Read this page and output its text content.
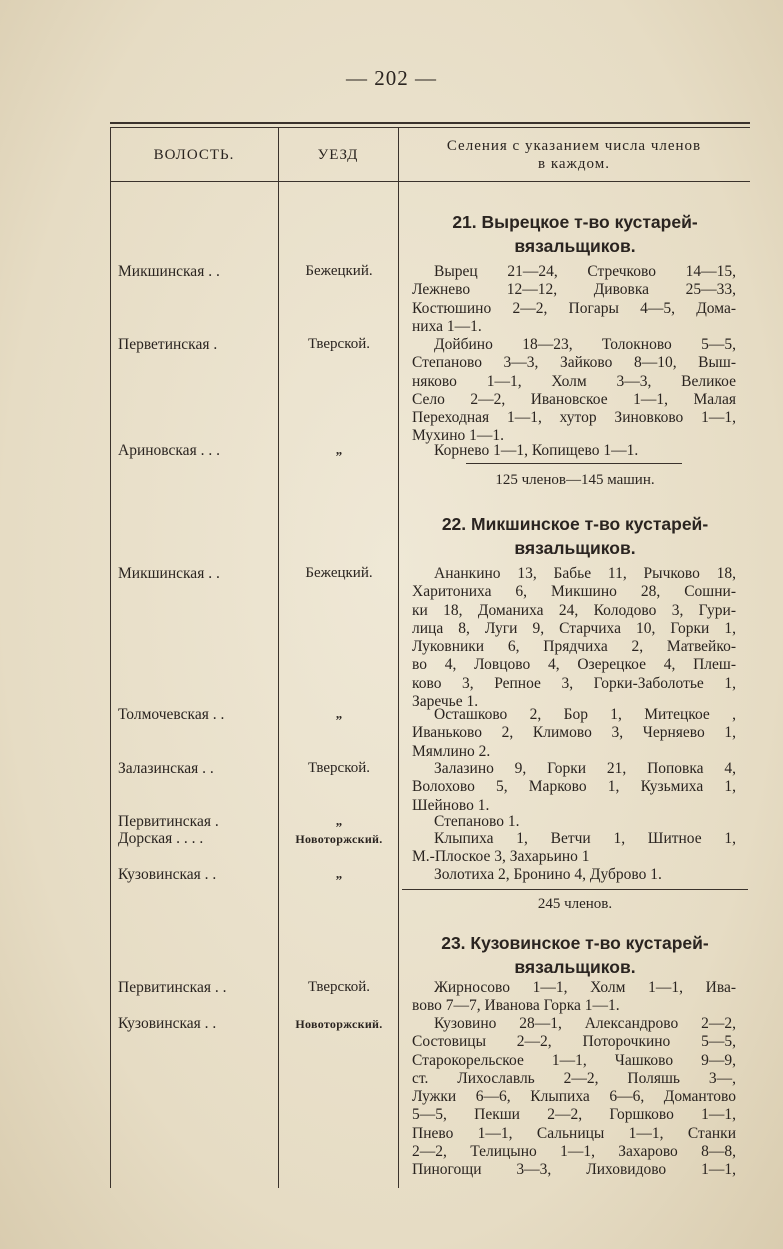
— 202 —
ВОЛОСТЬ.	УЕЗД
Селения с указанием числа членов
в каждом.
21. Вырецкое т-во кустарей-
вязальщиков.
Микшинская . .	Бежецкий.	Вырец 21—24, Стречково 14—15,
Лежнево 12—12, Дивовка 25—33,
Костюшино 2—2, Погары 4—5, Дома-
ниха 1—1.
Перветинская .	Тверской.	Дойбино 18—23, Толокново 5—5,
Степаново 3—3, Зайково 8—10, Выш-
няково 1—1, Холм 3—3, Великое
Село 2—2, Ивановское 1—1, Малая
Переходная 1—1, хутор Зиновково 1—1,
Мухино 1—1.
Ариновская . . .	„	Корнево 1—1, Копищево 1—1.
125 членов—145 машин.
22. Микшинское т-во кустарей-
вязальщиков.
Микшинская . .	Бежецкий.	Ананкино 13, Бабье 11, Рычково 18,
Харитониха 6, Микшино 28, Сошни-
ки 18, Доманиха 24, Колодово 3, Гури-
лица 8, Луги 9, Старчиха 10, Горки 1,
Луковники 6, Прядчиха 2, Матвейко-
во 4, Ловцово 4, Озерецкое 4, Плеш-
ково 3, Репное 3, Горки-Заболотье 1,
Заречье 1.
Толмочевская . .	„	Осташково 2, Бор 1, Митецкое ,
Иваньково 2, Климово 3, Черняево 1,
Мямлино 2.
Залазинская . .	Тверской.	Залазино 9, Горки 21, Поповка 4,
Волохово 5, Марково 1, Кузьмиха 1,
Шейново 1.
Первитинская .	„	Степаново 1.
Дорская . . . .	Новоторжский.	Клыпиха 1, Ветчи 1, Шитное 1,
М.-Плоское 3, Захарьино 1
Кузовинская . .	„	Золотиха 2, Бронино 4, Дуброво 1.
245 членов.
23. Кузовинское т-во кустарей-
вязальщиков.
Первитинская . .	Тверской.	Жирносово 1—1, Холм 1—1, Ива-
вово 7—7, Иванова Горка 1—1.
Кузовинская . .	Новоторжский.	Кузовино 28—1, Александрово 2—2,
Состовицы 2—2, Поторочкино 5—5,
Старокорельское 1—1, Чашково 9—9,
ст. Лихославль 2—2, Поляшь 3—,
Лужки 6—6, Клыпиха 6—6, Домантово
5—5, Пекши 2—2, Горшково 1—1,
Пнево 1—1, Сальницы 1—1, Станки
2—2, Телицыно 1—1, Захарово 8—8,
Пиногощи 3—3, Лиховидово 1—1,
